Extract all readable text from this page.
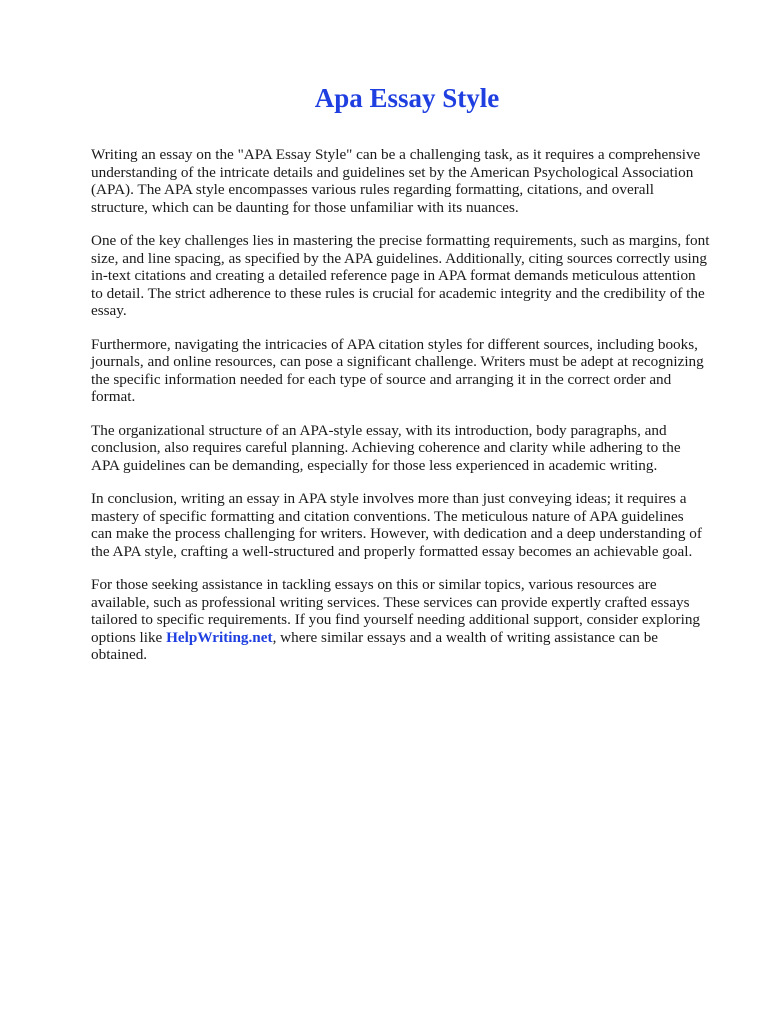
Apa Essay Style

Writing an essay on the "APA Essay Style" can be a challenging task, as it requires a comprehensive
understanding of the intricate details and guidelines set by the American Psychological Association
(APA). The APA style encompasses various rules regarding formatting, citations, and overall
structure, which can be daunting for those unfamiliar with its nuances.

One of the key challenges lies in mastering the precise formatting requirements, such as margins, font
size, and line spacing, as specified by the APA guidelines. Additionally, citing sources correctly using
in-text citations and creating a detailed reference page in APA format demands meticulous attention
to detail. The strict adherence to these rules is crucial for academic integrity and the credibility of the
essay.

Furthermore, navigating the intricacies of APA citation styles for different sources, including books,
journals, and online resources, can pose a significant challenge. Writers must be adept at recognizing
the specific information needed for each type of source and arranging it in the correct order and
format.

The organizational structure of an APA-style essay, with its introduction, body paragraphs, and
conclusion, also requires careful planning. Achieving coherence and clarity while adhering to the
APA guidelines can be demanding, especially for those less experienced in academic writing.

In conclusion, writing an essay in APA style involves more than just conveying ideas; it requires a
mastery of specific formatting and citation conventions. The meticulous nature of APA guidelines
can make the process challenging for writers. However, with dedication and a deep understanding of
the APA style, crafting a well-structured and properly formatted essay becomes an achievable goal.

For those seeking assistance in tackling essays on this or similar topics, various resources are
available, such as professional writing services. These services can provide expertly crafted essays
tailored to specific requirements. If you find yourself needing additional support, consider exploring
options like HelpWriting.net, where similar essays and a wealth of writing assistance can be
obtained.
